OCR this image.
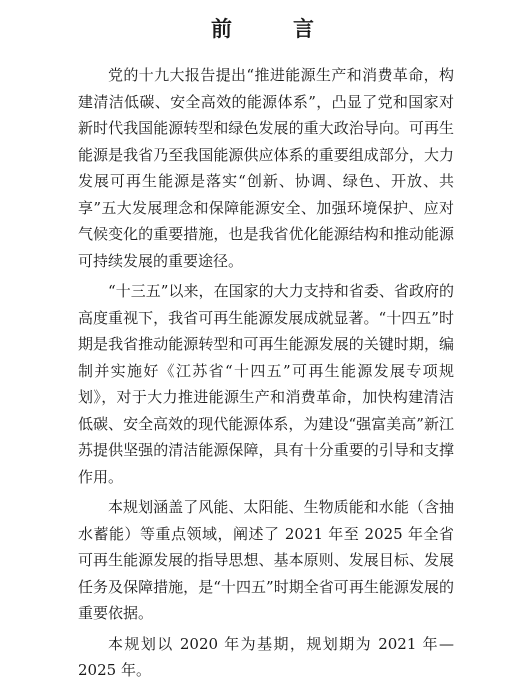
前　言

党的十九大报告提出“推进能源生产和消费革命，构建清洁低碳、安全高效的能源体系”，凸显了党和国家对新时代我国能源转型和绿色发展的重大政治导向。可再生能源是我省乃至我国能源供应体系的重要组成部分，大力发展可再生能源是落实“创新、协调、绿色、开放、共享”五大发展理念和保障能源安全、加强环境保护、应对气候变化的重要措施，也是我省优化能源结构和推动能源可持续发展的重要途径。

“十三五”以来，在国家的大力支持和省委、省政府的高度重视下，我省可再生能源发展成就显著。“十四五”时期是我省推动能源转型和可再生能源发展的关键时期，编制并实施好《江苏省“十四五”可再生能源发展专项规划》，对于大力推进能源生产和消费革命，加快构建清洁低碳、安全高效的现代能源体系，为建设“强富美高”新江苏提供坚强的清洁能源保障，具有十分重要的引导和支撑作用。

本规划涵盖了风能、太阳能、生物质能和水能（含抽水蓄能）等重点领域，阐述了 2021 年至 2025 年全省可再生能源发展的指导思想、基本原则、发展目标、发展任务及保障措施，是“十四五”时期全省可再生能源发展的重要依据。

本规划以 2020 年为基期，规划期为 2021 年—2025 年。
